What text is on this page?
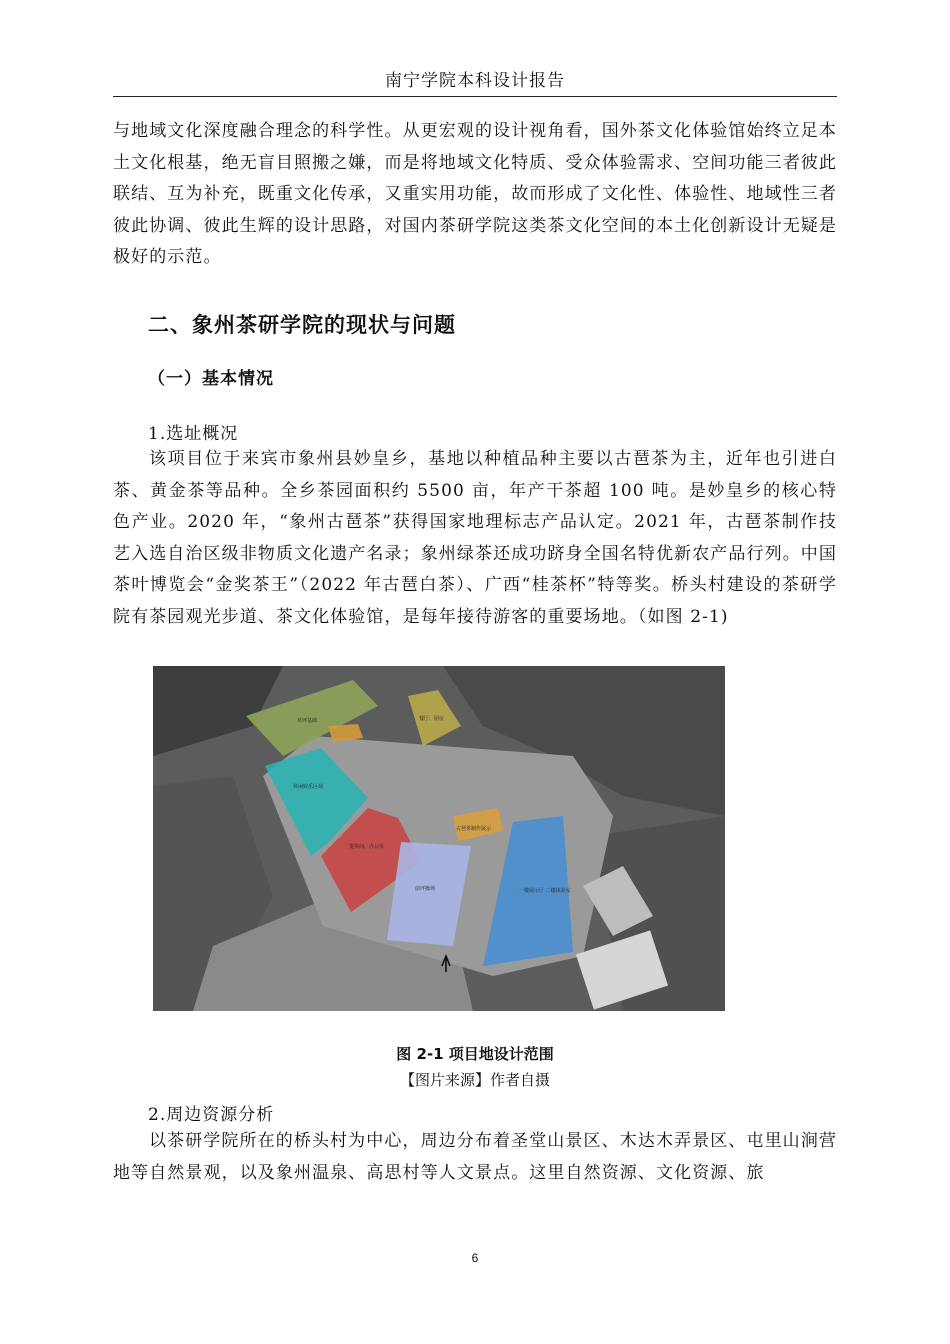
南宁学院本科设计报告

与地域文化深度融合理念的科学性。从更宏观的设计视角看，国外茶文化体验馆始终立足本土文化根基，绝无盲目照搬之嫌，而是将地域文化特质、受众体验需求、空间功能三者彼此联结、互为补充，既重文化传承，又重实用功能，故而形成了文化性、体验性、地域性三者彼此协调、彼此生辉的设计思路，对国内茶研学院这类茶文化空间的本土化创新设计无疑是极好的示范。

二、象州茶研学院的现状与问题
（一）基本情况
1.选址概况

该项目位于来宾市象州县妙皇乡，基地以种植品种主要以古琶茶为主，近年也引进白茶、黄金茶等品种。全乡茶园面积约 5500 亩，年产干茶超 100 吨。是妙皇乡的核心特色产业。2020 年，“象州古琶茶”获得国家地理标志产品认定。2021 年，古琶茶制作技艺入选自治区级非物质文化遗产名录；象州绿茶还成功跻身全国名特优新农产品行列。中国茶叶博览会“金奖茶王”（2022 年古琶白茶）、广西“桂茶杯”特等奖。桥头村建设的茶研学院有茶园观光步道、茶文化体验馆，是每年接待游客的重要场地。（如图 2-1)

草坪基础	餐厅、厨房
休闲娱乐区域
提茶间、办公室
古琶茶制作展示
前坪操场	一楼展示厅 二楼体验室
图 2-1 项目地设计范围
【图片来源】作者自摄
2.周边资源分析

以茶研学院所在的桥头村为中心，周边分布着圣堂山景区、木达木弄景区、屯里山涧营地等自然景观，以及象州温泉、高思村等人文景点。这里自然资源、文化资源、旅

6
